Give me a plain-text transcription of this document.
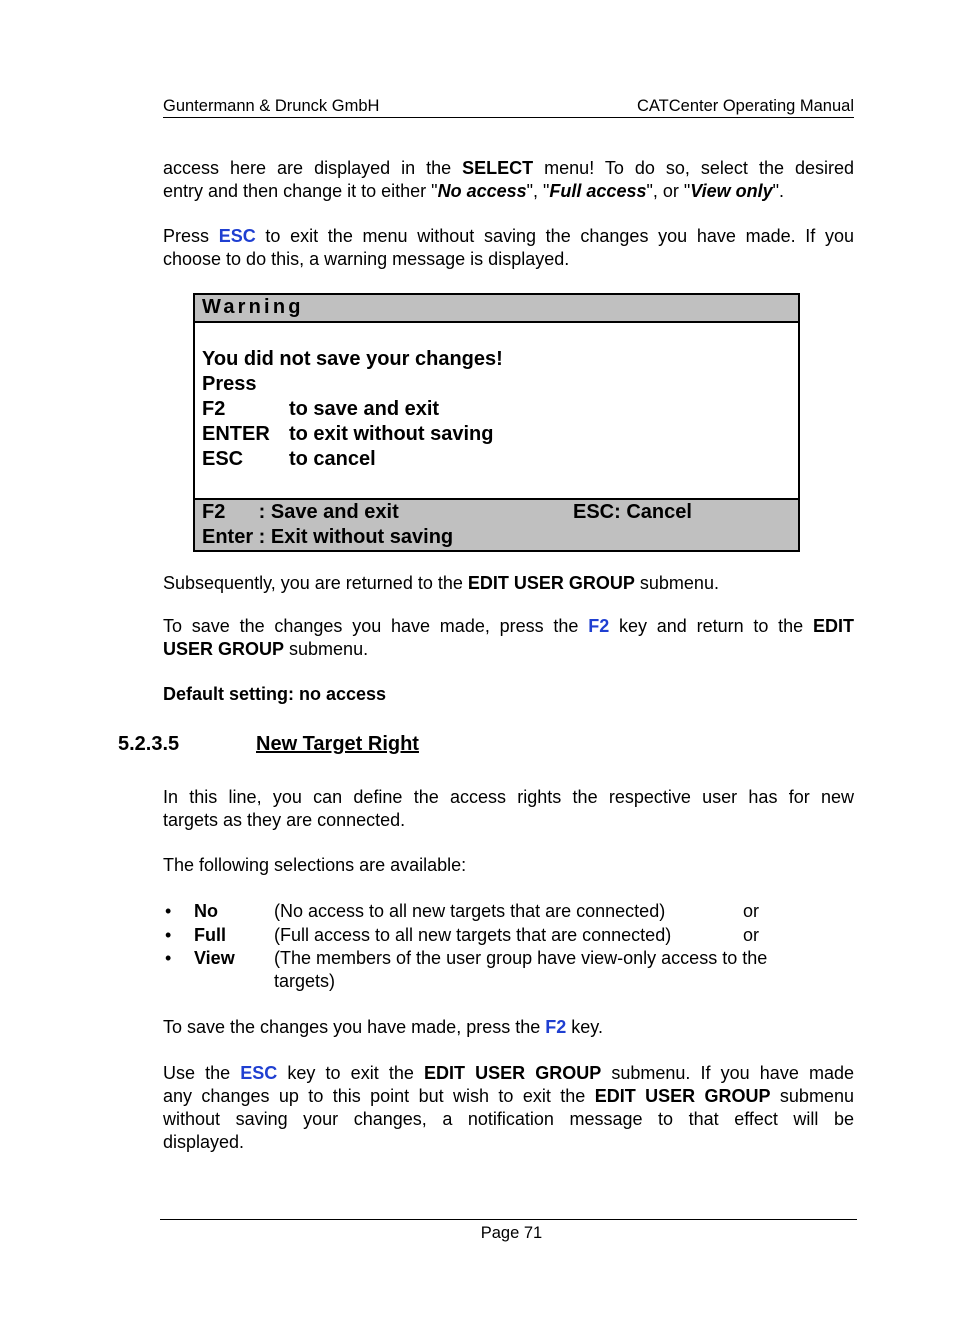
Guntermann & Drunck GmbH	CATCenter Operating Manual
access here are displayed in the SELECT menu! To do so, select the desired
entry and then change it to either "No access", "Full access", or "View only".
Press ESC to exit the menu without saving the changes you have made. If you
choose to do this, a warning message is displayed.
Warning
You did not save your changes!
Press
F2	to save and exit
ENTER to exit without saving
ESC to cancel
F2      : Save and exit	ESC: Cancel
Enter : Exit without saving
Subsequently, you are returned to the EDIT USER GROUP submenu.
To save the changes you have made, press the F2 key and return to the EDIT
USER GROUP submenu.
Default setting: no access
5.2.3.5	New Target Right
In this line, you can define the access rights the respective user has for new
targets as they are connected.
The following selections are available:
• No	(No access to all new targets that are connected)	or
• Full	(Full access to all new targets that are connected)	or
• View (The members of the user group have view-only access to the
targets)
To save the changes you have made, press the F2 key.
Use the ESC key to exit the EDIT USER GROUP submenu. If you have made
any changes up to this point but wish to exit the EDIT USER GROUP submenu
without saving your changes, a notification message to that effect will be
displayed.
Page 71
